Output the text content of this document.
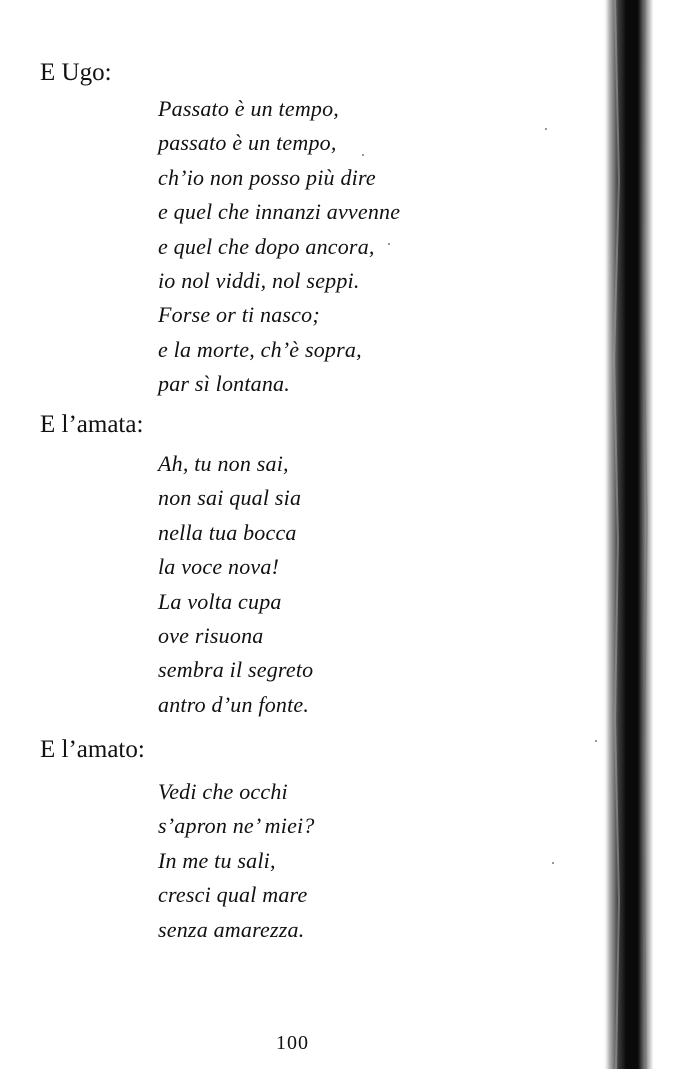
E Ugo:
Passato è un tempo,
passato è un tempo,
ch’io non posso più dire
e quel che innanzi avvenne
e quel che dopo ancora,
io nol viddi, nol seppi.
Forse or ti nasco;
e la morte, ch’è sopra,
par sì lontana.
E l’amata:
Ah, tu non sai,
non sai qual sia
nella tua bocca
la voce nova!
La volta cupa
ove risuona
sembra il segreto
antro d’un fonte.
E l’amato:
Vedi che occhi
s’apron ne’ miei?
In me tu sali,
cresci qual mare
senza amarezza.
100
